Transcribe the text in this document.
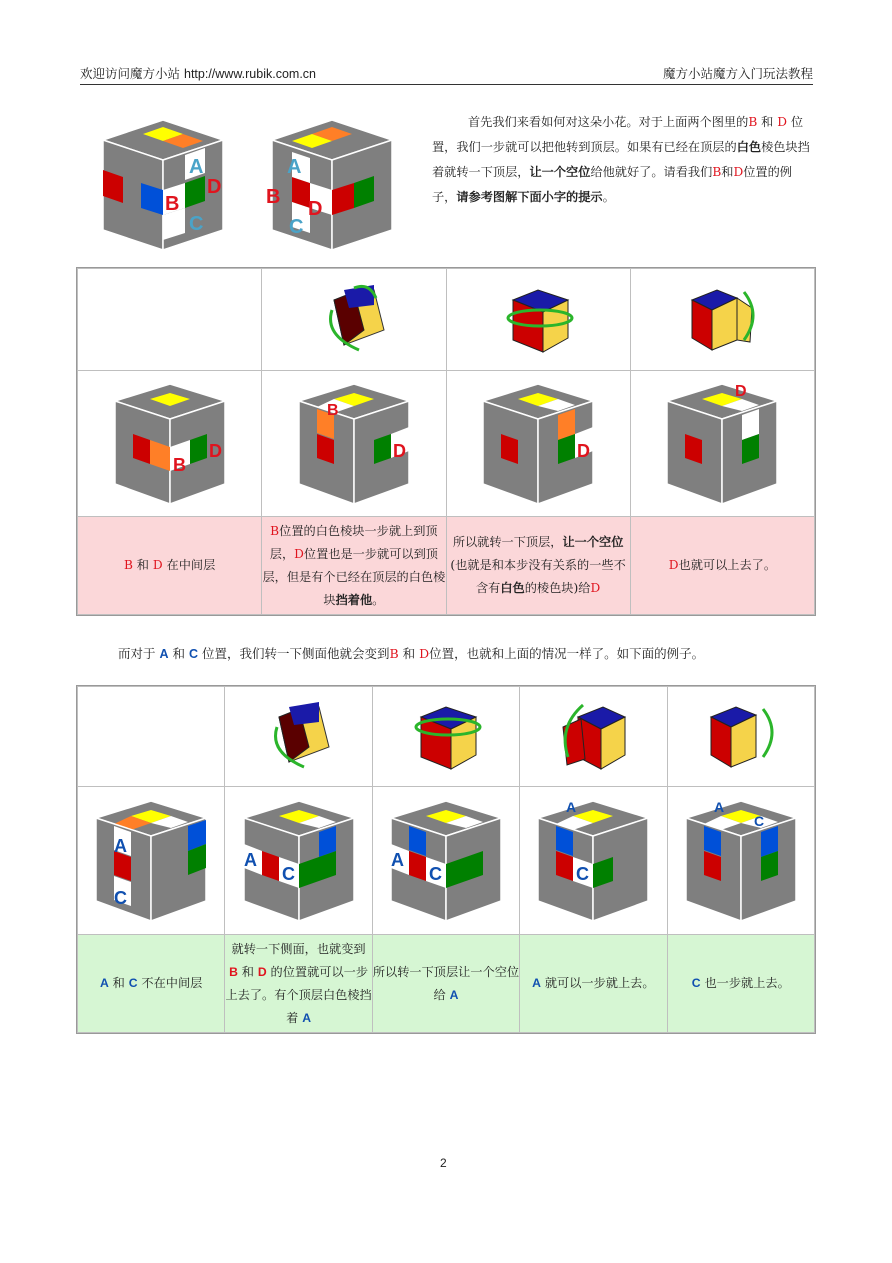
欢迎访问魔方小站 http://www.rubik.com.cn	魔方小站魔方入门玩法教程
A
B
D
C
A
B
D
C
首先我们来看如何对这朵小花。对于上面两个图里的B 和 D 位置，我们一步就可以把他转到顶层。如果有已经在顶层的白色棱色块挡着就转一下顶层，让一个空位给他就好了。请看我们B和D位置的例子，请参考图解下面小字的提示。

B
D	B
D	D	D

B 和 D 在中间层	B位置的白色棱块一步就上到顶层，D位置也是一步就可以到顶层，但是有个已经在顶层的白色棱块挡着他。	所以就转一下顶层，让一个空位(也就是和本步没有关系的一些不含有白色的棱色块)给D	D也就可以上去了。
而对于 A 和 C 位置，我们转一下侧面他就会变到B 和 D位置，也就和上面的情况一样了。如下面的例子。

A
C	A
C	A
C	A
C	A
C

A 和 C 不在中间层	就转一下侧面，也就变到 B 和 D 的位置就可以一步上去了。有个顶层白色棱挡着 A	所以转一下顶层让一个空位给 A	A 就可以一步就上去。	C 也一步就上去。
2
